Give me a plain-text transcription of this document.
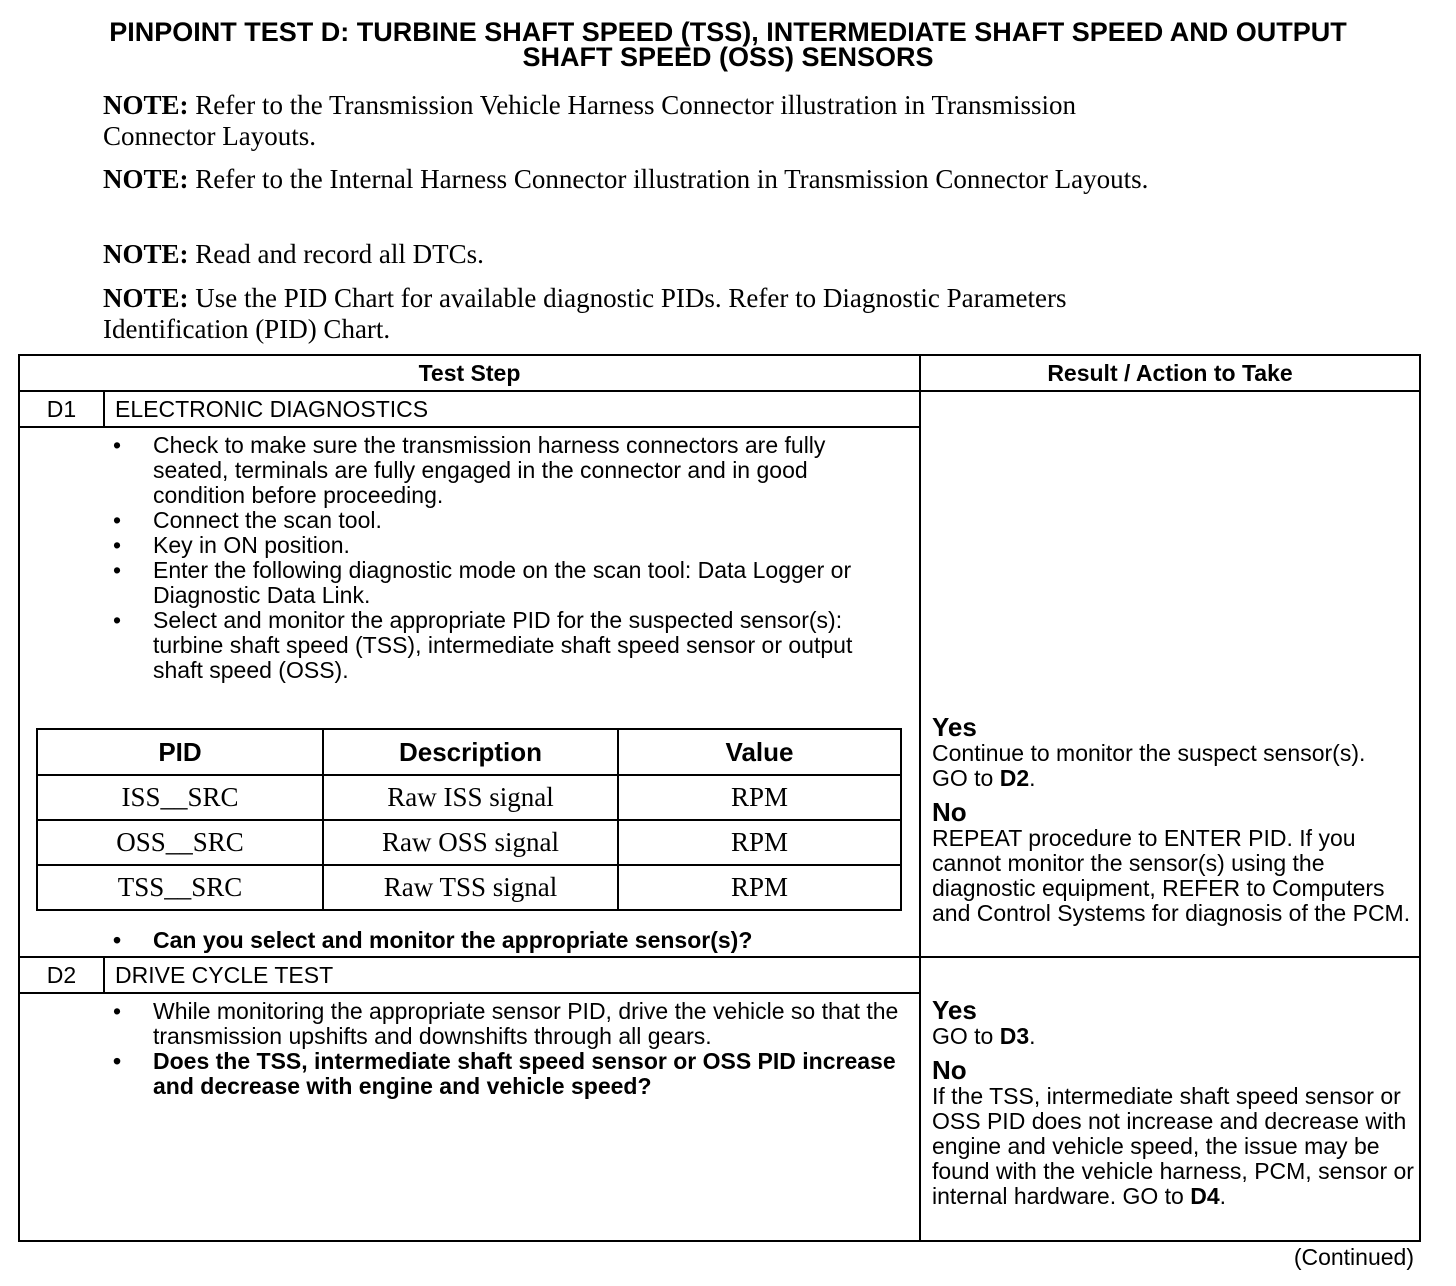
PINPOINT TEST D: TURBINE SHAFT SPEED (TSS), INTERMEDIATE SHAFT SPEED AND OUTPUT
SHAFT SPEED (OSS) SENSORS
NOTE: Refer to the Transmission Vehicle Harness Connector illustration in Transmission
Connector Layouts.
NOTE: Refer to the Internal Harness Connector illustration in Transmission Connector Layouts.
NOTE: Read and record all DTCs.
NOTE: Use the PID Chart for available diagnostic PIDs. Refer to Diagnostic Parameters
Identification (PID) Chart.
Test Step	Result / Action to Take
D1	ELECTRONIC DIAGNOSTICS
• Check to make sure the transmission harness connectors are fully seated, terminals are fully engaged in the connector and in good condition before proceeding.
• Connect the scan tool.
• Key in ON position.
• Enter the following diagnostic mode on the scan tool: Data Logger or Diagnostic Data Link.
• Select and monitor the appropriate PID for the suspected sensor(s): turbine shaft speed (TSS), intermediate shaft speed sensor or output shaft speed (OSS).
PID	Description	Value
ISS__SRC	Raw ISS signal	RPM
OSS__SRC	Raw OSS signal	RPM
TSS__SRC	Raw TSS signal	RPM
• Can you select and monitor the appropriate sensor(s)?

Yes

Continue to monitor the suspect sensor(s).
GO to D2.

No

REPEAT procedure to ENTER PID. If you cannot monitor the sensor(s) using the diagnostic equipment, REFER to Computers and Control Systems for diagnosis of the PCM.

D2	DRIVE CYCLE TEST
• While monitoring the appropriate sensor PID, drive the vehicle so that the transmission upshifts and downshifts through all gears.
• Does the TSS, intermediate shaft speed sensor or OSS PID increase and decrease with engine and vehicle speed?

Yes

GO to D3.

No

If the TSS, intermediate shaft speed sensor or OSS PID does not increase and decrease with engine and vehicle speed, the issue may be found with the vehicle harness, PCM, sensor or internal hardware. GO to D4.

(Continued)
